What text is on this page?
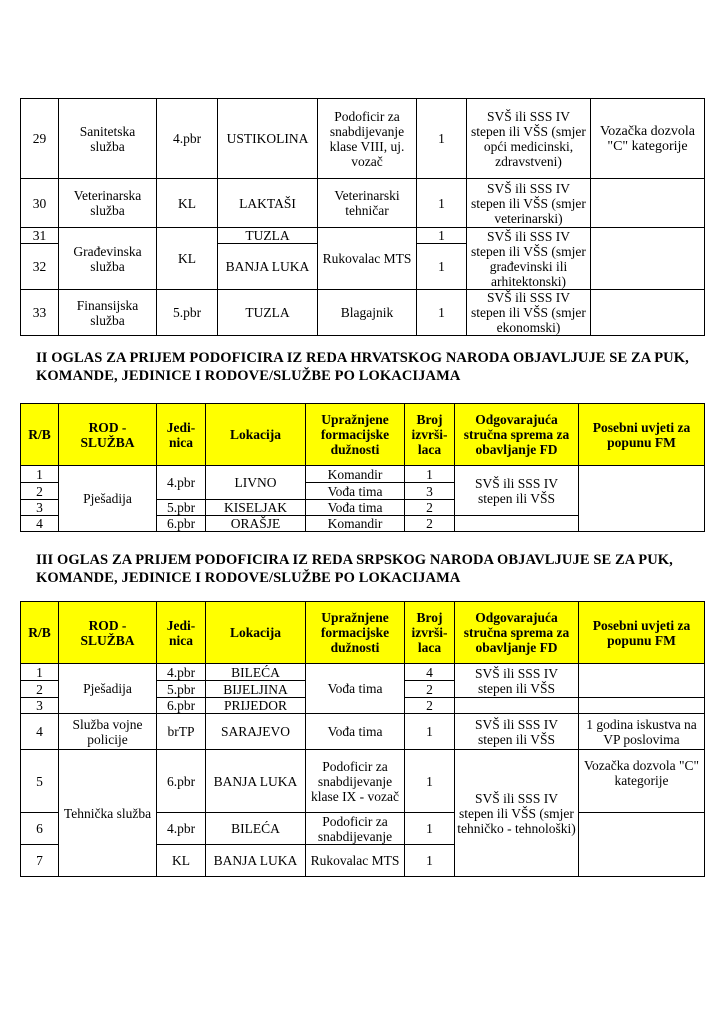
29	Sanitetska služba	4.pbr	USTIKOLINA	Podoficir za snabdijevanje klase VIII, uj. vozač	1	SVŠ ili SSS IV stepen ili VŠS (smjer opći medicinski, zdravstveni)	Vozačka dozvola "C" kategorije
30	Veterinarska služba	KL	LAKTAŠI	Veterinarski tehničar	1	SVŠ ili SSS IV stepen ili VŠS (smjer veterinarski)	
31	Građevinska služba	KL	TUZLA	Rukovalac MTS	1	SVŠ ili SSS IV stepen ili VŠS (smjer građevinski ili arhitektonski)	
32			BANJA LUKA		1		
33	Finansijska služba	5.pbr	TUZLA	Blagajnik	1	SVŠ ili SSS IV stepen ili VŠS (smjer ekonomski)	
II OGLAS ZA PRIJEM PODOFICIRA IZ REDA HRVATSKOG NARODA OBJAVLJUJE SE ZA PUK, KOMANDE, JEDINICE I RODOVE/SLUŽBE PO LOKACIJAMA
R/B	ROD - SLUŽBA	Jedi- nica	Lokacija	Upražnjene formacijske dužnosti	Broj izvrši- laca	Odgovarajuća stručna sprema za obavljanje FD	Posebni uvjeti za popunu FM
1	Pješadija	4.pbr	LIVNO	Komandir	1	SVŠ ili SSS IV stepen ili VŠS	
2				Vođa tima	3		
3		5.pbr	KISELJAK	Vođa tima	2		
4		6.pbr	ORAŠJE	Komandir	2		
III OGLAS ZA PRIJEM PODOFICIRA IZ REDA SRPSKOG NARODA OBJAVLJUJE SE ZA PUK, KOMANDE, JEDINICE I RODOVE/SLUŽBE PO LOKACIJAMA
R/B	ROD - SLUŽBA	Jedi- nica	Lokacija	Upražnjene formacijske dužnosti	Broj izvrši- laca	Odgovarajuća stručna sprema za obavljanje FD	Posebni uvjeti za popunu FM
1	Pješadija	4.pbr	BILEĆA	Vođa tima	4	SVŠ ili SSS IV stepen ili VŠS	
2		5.pbr	BIJELJINA		2		
3		6.pbr	PRIJEDOR		2		
4	Služba vojne policije	brTP	SARAJEVO	Vođa tima	1	SVŠ ili SSS IV stepen ili VŠS	1 godina iskustva na VP poslovima
5	Tehnička služba	6.pbr	BANJA LUKA	Podoficir za snabdijevanje klase IX - vozač	1	SVŠ ili SSS IV stepen ili VŠS (smjer tehničko - tehnološki)	Vozačka dozvola "C" kategorije
6		4.pbr	BILEĆA	Podoficir za snabdijevanje	1		
7		KL	BANJA LUKA	Rukovalac MTS	1		
